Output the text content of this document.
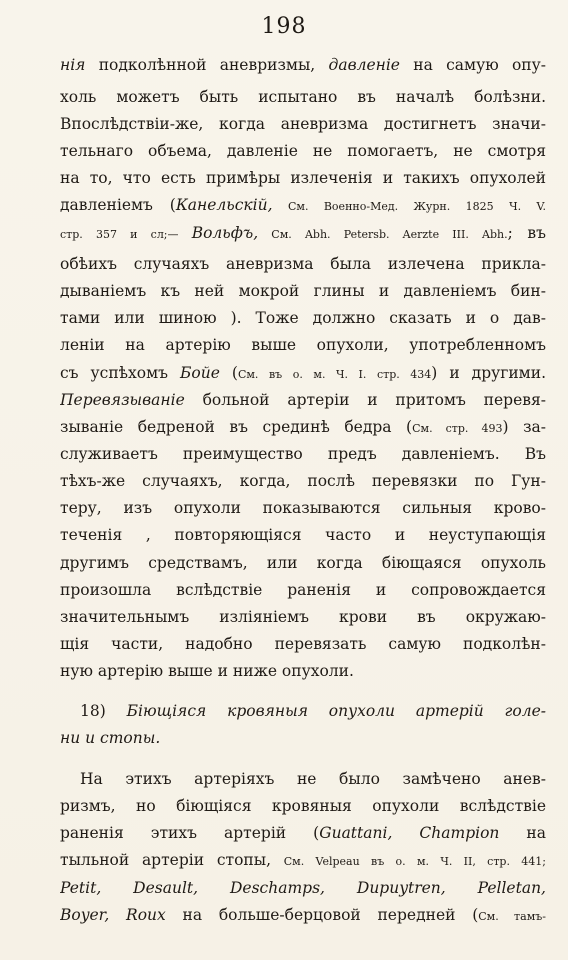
198
нія подколѣнной аневризмы, давленіе на самую опу-
холь можетъ быть испытано въ началѣ болѣзни.
Впослѣдствіи-же, когда аневризма достигнетъ значи-
тельнаго объема, давленіе не помогаетъ, не смотря
на то, что есть примѣры излеченія и такихъ опухолей
давленіемъ (Канельскій, См. Военно-Мед. Журн. 1825 Ч. V.
стр. 357 и сл;— Вольфъ, См. Abh. Petersb. Aerzte III. Abh.; въ
обѣихъ случаяхъ аневризма была излечена прикла-
дываніемъ къ ней мокрой глины и давленіемъ бин-
тами или шиною ). Тоже должно сказать и о дав-
леніи на артерію выше опухоли, употребленномъ
съ успѣхомъ Бойе (См. въ о. м. Ч. I. стр. 434) и другими.
Перевязываніе больной артеріи и притомъ перевя-
зываніе бедреной въ срединѣ бедра (См. стр. 493) за-
служиваетъ преимущество предъ давленіемъ. Въ
тѣхъ-же случаяхъ, когда, послѣ перевязки по Гун-
теру, изъ опухоли показываются сильныя крово-
теченія , повторяющіяся часто и неуступающія
другимъ средствамъ, или когда біющаяся опухоль
произошла вслѣдствіе раненія и сопровождается
значительнымъ изліяніемъ крови въ окружаю-
щія части, надобно перевязать самую подколѣн-
ную артерію выше и ниже опухоли.
18) Біющіяся кровяныя опухоли артерій голе-
ни и стопы.
На этихъ артеріяхъ не было замѣчено анев-
ризмъ, но біющіяся кровяныя опухоли вслѣдствіе
раненія этихъ артерій (Guattani, Champion на
тыльной артеріи стопы, См. Velpeau въ о. м. Ч. II, стр. 441;
Petit, Desault, Deschamps, Dupuytren, Pelletan,
Boyer, Roux на больше-берцовой передней (См. тамъ-
